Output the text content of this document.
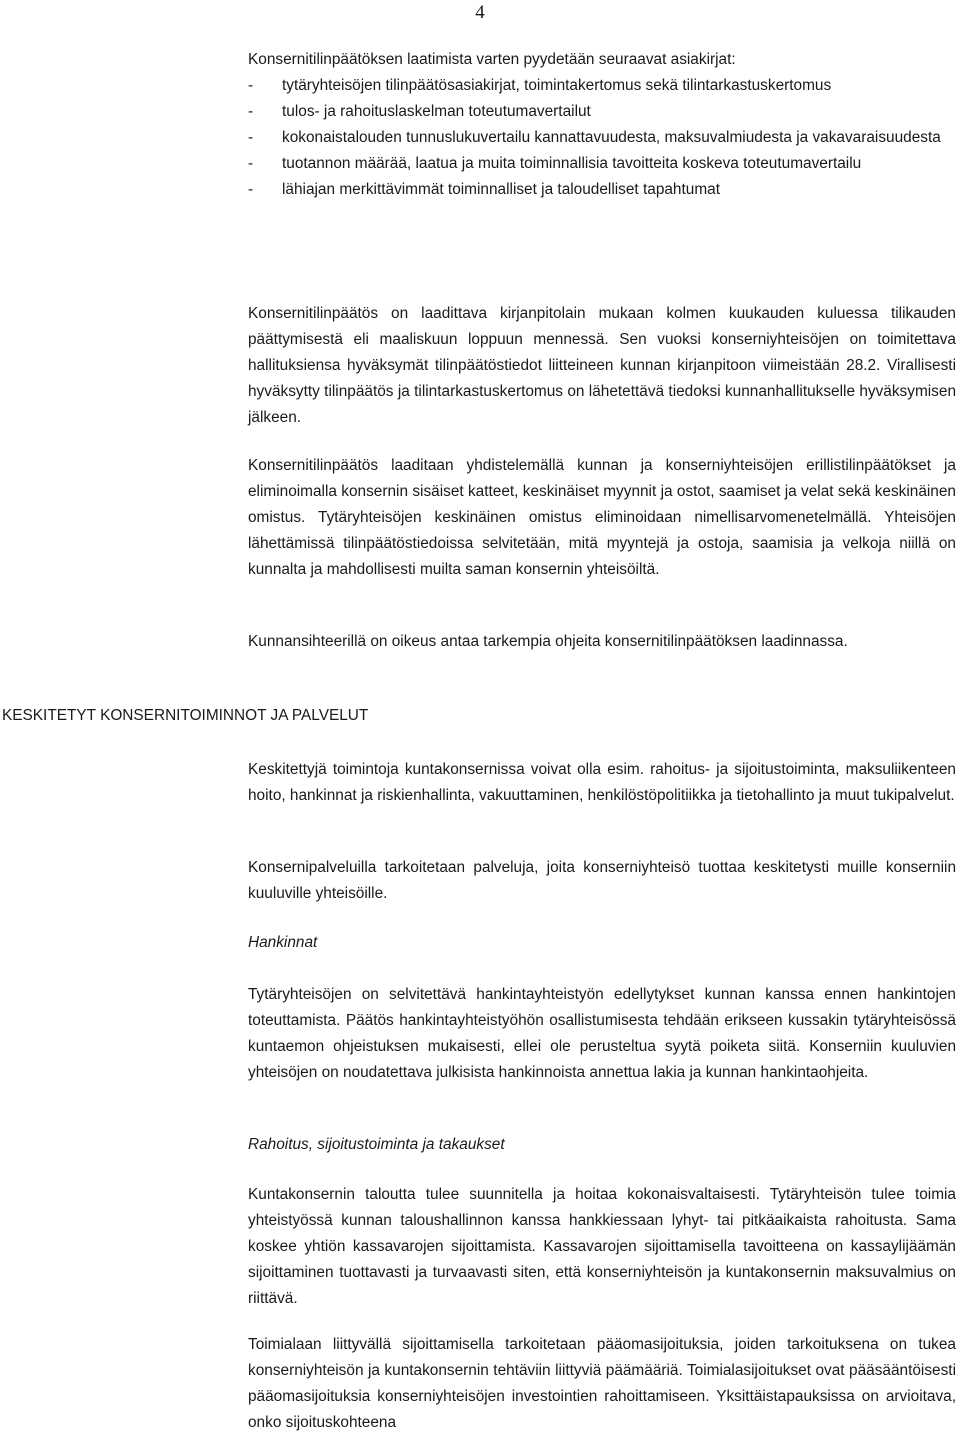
4

Konsernitilinpäätöksen laatimista varten pyydetään seuraavat asiakirjat:

- tytäryhteisöjen tilinpäätösasiakirjat, toimintakertomus sekä tilintarkastuskertomus
- tulos- ja rahoituslaskelman toteutumavertailut
- kokonaistalouden tunnuslukuvertailu kannattavuudesta, maksuvalmiudesta ja vakavaraisuudesta
- tuotannon määrää, laatua ja muita toiminnallisia tavoitteita koskeva toteutumavertailu
- lähiajan merkittävimmät toiminnalliset ja taloudelliset tapahtumat

Konsernitilinpäätös on laadittava kirjanpitolain mukaan kolmen kuukauden kuluessa tilikauden päättymisestä eli maaliskuun loppuun mennessä. Sen vuoksi konserniyhteisöjen on toimitettava hallituksiensa hyväksymät tilinpäätöstiedot liitteineen kunnan kirjanpitoon viimeistään 28.2. Virallisesti hyväksytty tilinpäätös ja tilintarkastuskertomus on lähetettävä tiedoksi kunnanhallitukselle hyväksymisen jälkeen.

Konsernitilinpäätös laaditaan yhdistelemällä kunnan ja konserniyhteisöjen erillistilinpäätökset ja eliminoimalla konsernin sisäiset katteet, keskinäiset myynnit ja ostot, saamiset ja velat sekä keskinäinen omistus. Tytäryhteisöjen keskinäinen omistus eliminoidaan nimellisarvomenetelmällä. Yhteisöjen lähettämissä tilinpäätöstiedoissa selvitetään, mitä myyntejä ja ostoja, saamisia ja velkoja niillä on kunnalta ja mahdollisesti muilta saman konsernin yhteisöiltä.

Kunnansihteerillä on oikeus antaa tarkempia ohjeita konsernitilinpäätöksen laadinnassa.

KESKITETYT KONSERNITOIMINNOT JA PALVELUT

Keskitettyjä toimintoja kuntakonsernissa voivat olla esim. rahoitus- ja sijoitustoiminta, maksuliikenteen hoito, hankinnat ja riskienhallinta, vakuuttaminen, henkilöstöpolitiikka ja tietohallinto ja muut tukipalvelut.

Konsernipalveluilla tarkoitetaan palveluja, joita konserniyhteisö tuottaa keskitetysti muille konserniin kuuluville yhteisöille.

Hankinnat

Tytäryhteisöjen on selvitettävä hankintayhteistyön edellytykset kunnan kanssa ennen hankintojen toteuttamista. Päätös hankintayhteistyöhön osallistumisesta tehdään erikseen kussakin tytäryhteisössä kuntaemon ohjeistuksen mukaisesti, ellei ole perusteltua syytä poiketa siitä. Konserniin kuuluvien yhteisöjen on noudatettava julkisista hankinnoista annettua lakia ja kunnan hankintaohjeita.

Rahoitus, sijoitustoiminta ja takaukset

Kuntakonsernin taloutta tulee suunnitella ja hoitaa kokonaisvaltaisesti. Tytäryhteisön tulee toimia yhteistyössä kunnan taloushallinnon kanssa hankkiessaan lyhyt- tai pitkäaikaista rahoitusta. Sama koskee yhtiön kassavarojen sijoittamista. Kassavarojen sijoittamisella tavoitteena on kassaylijäämän sijoittaminen tuottavasti ja turvaavasti siten, että konserniyhteisön ja kuntakonsernin maksuvalmius on riittävä.

Toimialaan liittyvällä sijoittamisella tarkoitetaan pääomasijoituksia, joiden tarkoituksena on tukea konserniyhteisön ja kuntakonsernin tehtäviin liittyviä päämääriä. Toimialasijoitukset ovat pääsääntöisesti pääomasijoituksia konserniyhteisöjen investointien rahoittamiseen. Yksittäistapauksissa on arvioitava, onko sijoituskohteena
